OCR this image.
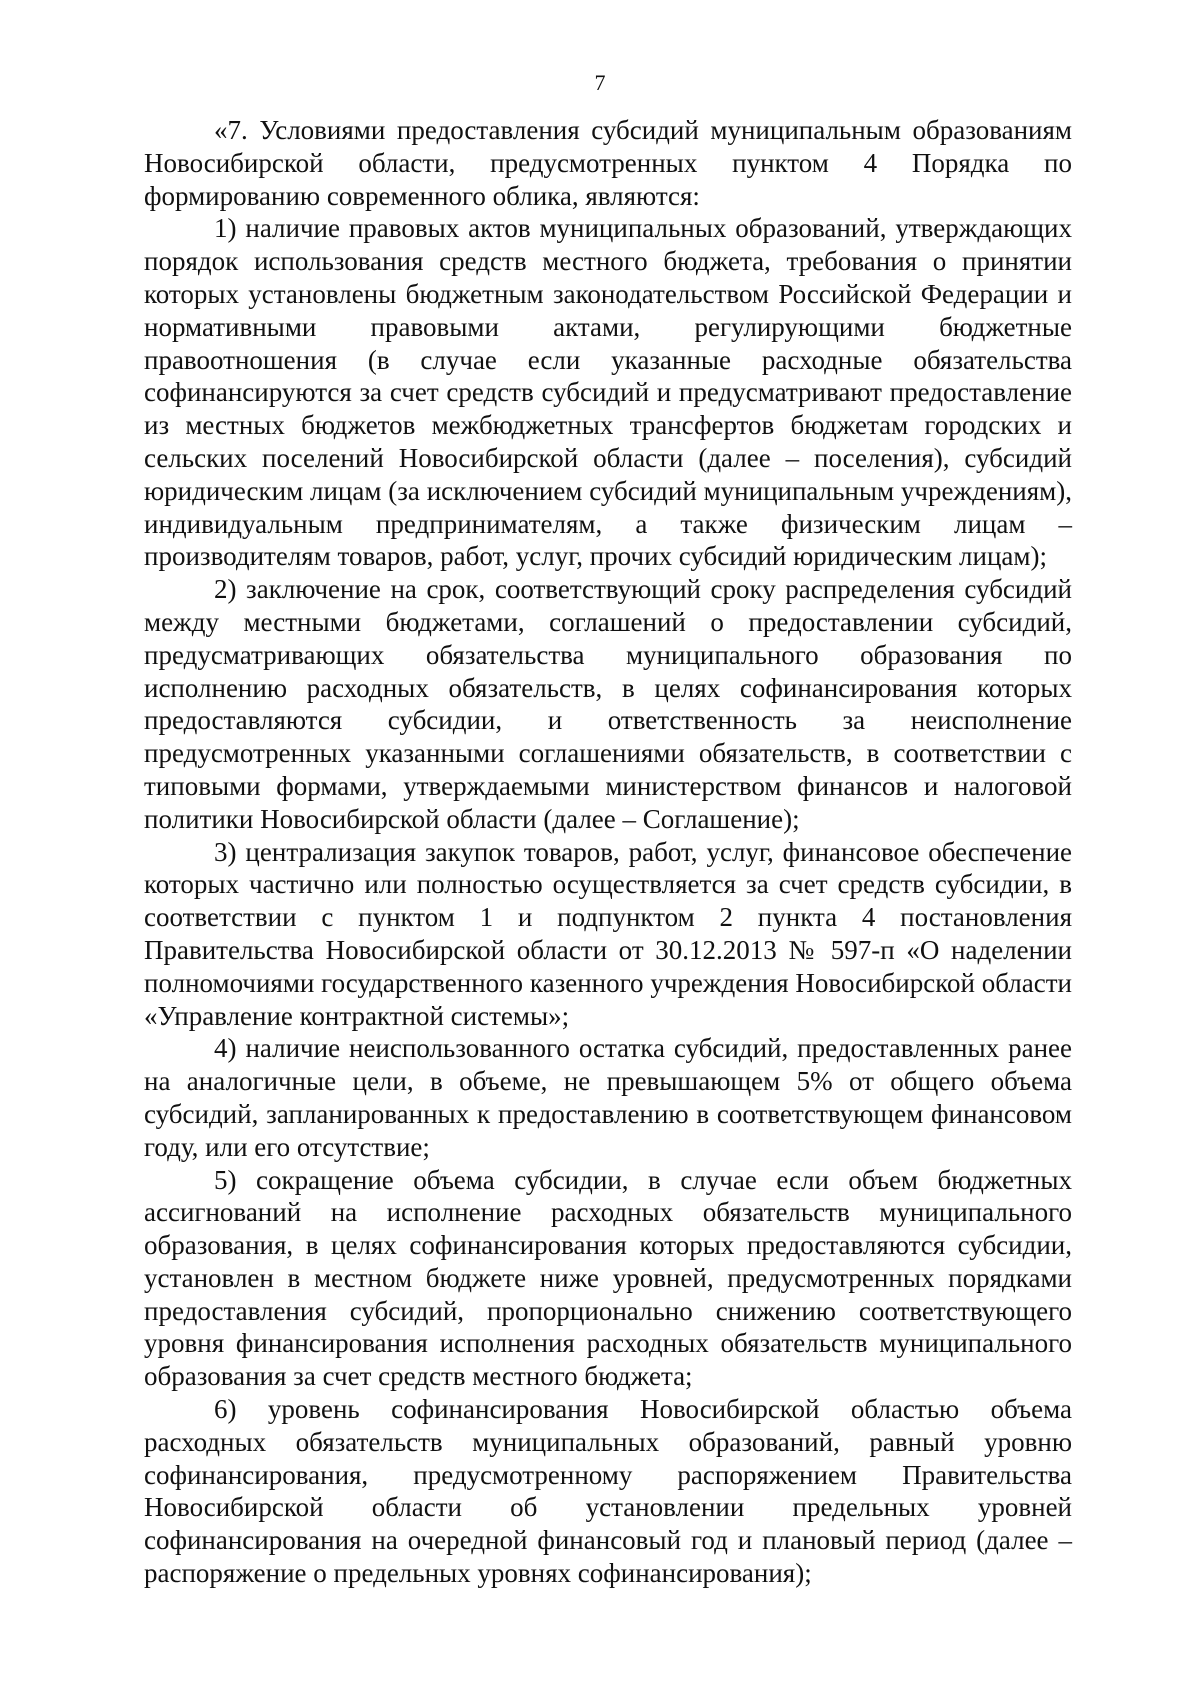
7

«7. Условиями предоставления субсидий муниципальным образованиям Новосибирской области, предусмотренных пунктом 4 Порядка по формированию современного облика, являются:

1) наличие правовых актов муниципальных образований, утверждающих порядок использования средств местного бюджета, требования о принятии которых установлены бюджетным законодательством Российской Федерации и нормативными правовыми актами, регулирующими бюджетные правоотношения (в случае если указанные расходные обязательства софинансируются за счет средств субсидий и предусматривают предоставление из местных бюджетов межбюджетных трансфертов бюджетам городских и сельских поселений Новосибирской области (далее – поселения), субсидий юридическим лицам (за исключением субсидий муниципальным учреждениям), индивидуальным предпринимателям, а также физическим лицам – производителям товаров, работ, услуг, прочих субсидий юридическим лицам);

2) заключение на срок, соответствующий сроку распределения субсидий между местными бюджетами, соглашений о предоставлении субсидий, предусматривающих обязательства муниципального образования по исполнению расходных обязательств, в целях софинансирования которых предоставляются субсидии, и ответственность за неисполнение предусмотренных указанными соглашениями обязательств, в соответствии с типовыми формами, утверждаемыми министерством финансов и налоговой политики Новосибирской области (далее – Соглашение);

3) централизация закупок товаров, работ, услуг, финансовое обеспечение которых частично или полностью осуществляется за счет средств субсидии, в соответствии с пунктом 1 и подпунктом 2 пункта 4 постановления Правительства Новосибирской области от 30.12.2013 № 597-п «О наделении полномочиями государственного казенного учреждения Новосибирской области «Управление контрактной системы»;

4) наличие неиспользованного остатка субсидий, предоставленных ранее на аналогичные цели, в объеме, не превышающем 5% от общего объема субсидий, запланированных к предоставлению в соответствующем финансовом году, или его отсутствие;

5) сокращение объема субсидии, в случае если объем бюджетных ассигнований на исполнение расходных обязательств муниципального образования, в целях софинансирования которых предоставляются субсидии, установлен в местном бюджете ниже уровней, предусмотренных порядками предоставления субсидий, пропорционально снижению соответствующего уровня финансирования исполнения расходных обязательств муниципального образования за счет средств местного бюджета;

6) уровень софинансирования Новосибирской областью объема расходных обязательств муниципальных образований, равный уровню софинансирования, предусмотренному распоряжением Правительства Новосибирской области об установлении предельных уровней софинансирования на очередной финансовый год и плановый период (далее – распоряжение о предельных уровнях софинансирования);
